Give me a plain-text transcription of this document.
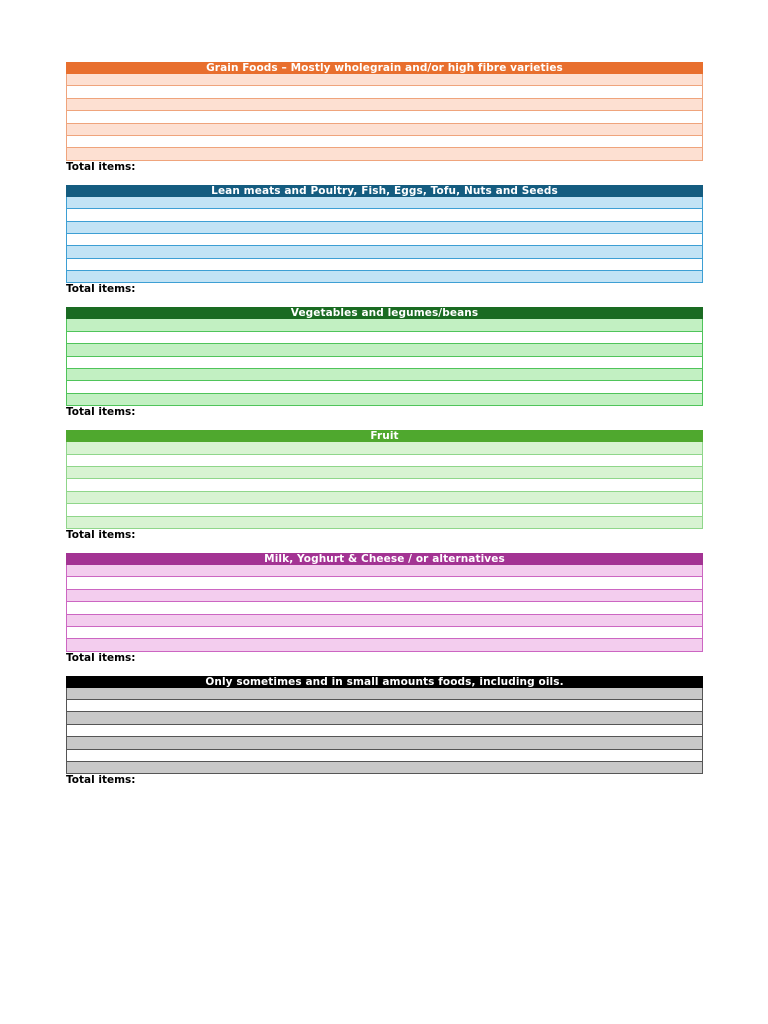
Grain Foods – Mostly wholegrain and/or high fibre varieties
Total items:
Lean meats and Poultry, Fish, Eggs, Tofu, Nuts and Seeds
Total items:
Vegetables and legumes/beans
Total items:
Fruit
Total items:
Milk, Yoghurt & Cheese / or alternatives
Total items:
Only sometimes and in small amounts foods, including oils.
Total items:
